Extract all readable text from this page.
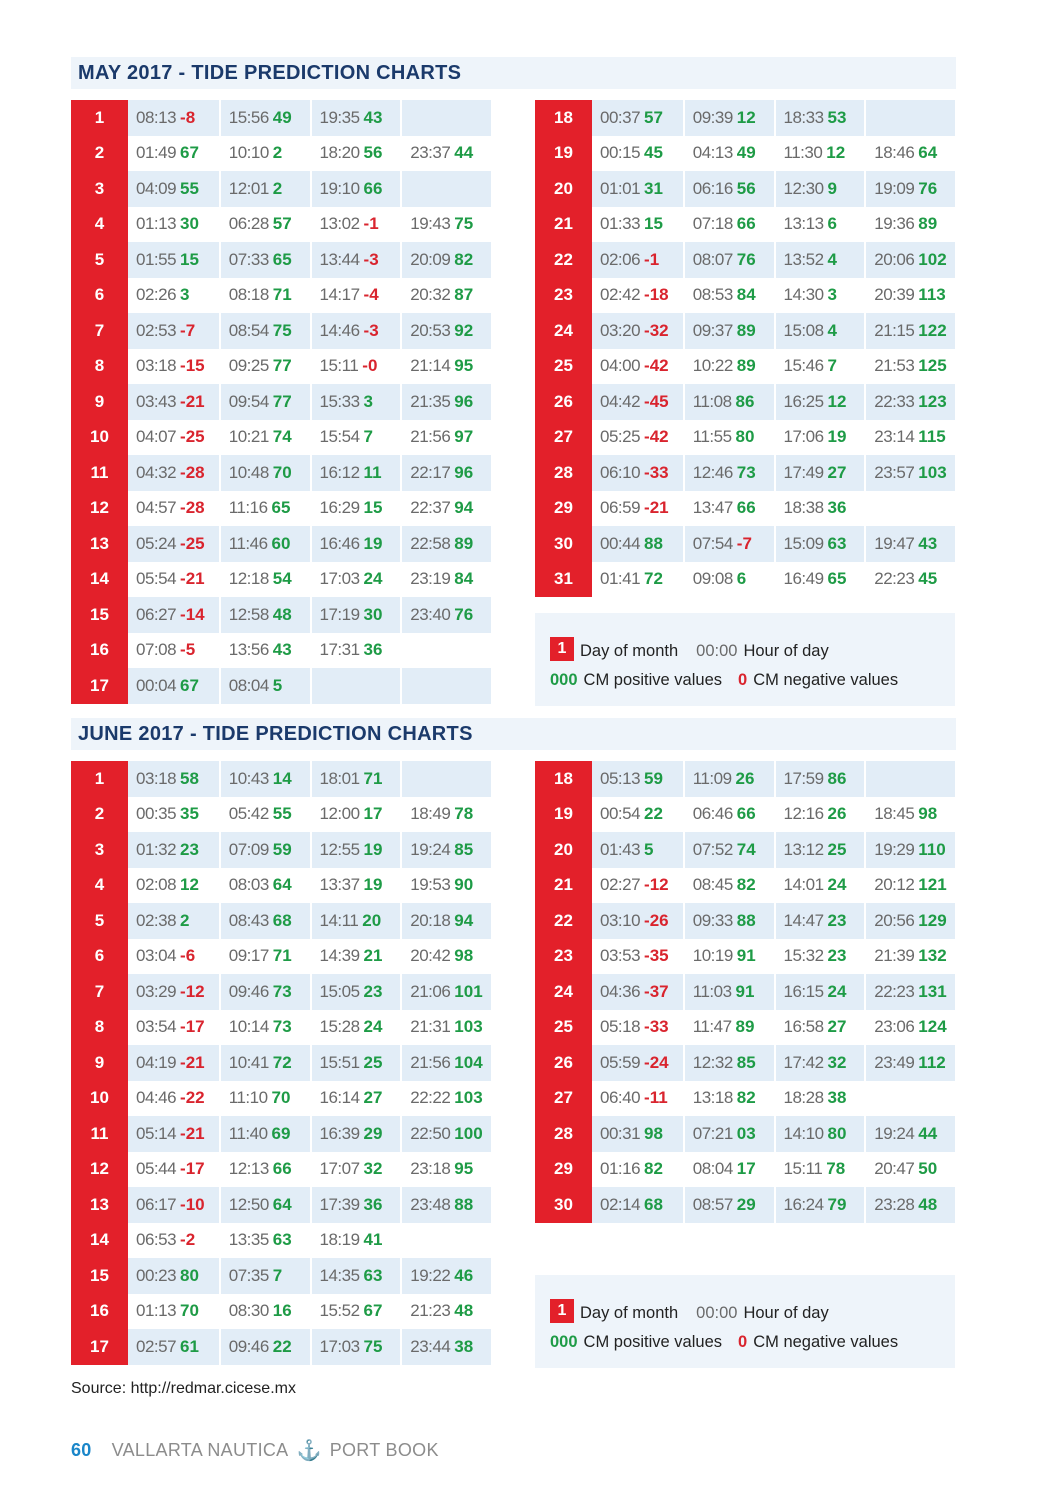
MAY 2017 - TIDE PREDICTION CHARTS
1	08:13 -8 15:56 49 19:35 43
2	01:49 67 10:10 2 18:20 56 23:37 44
3	04:09 55 12:01 2 19:10 66
4	01:13 30 06:28 57 13:02 -1 19:43 75
5	01:55 15 07:33 65 13:44 -3 20:09 82
6	02:26 3 08:18 71 14:17 -4 20:32 87
7	02:53 -7 08:54 75 14:46 -3 20:53 92
8	03:18 -15 09:25 77 15:11 -0 21:14 95
9	03:43 -21 09:54 77 15:33 3 21:35 96
10	04:07 -25 10:21 74 15:54 7 21:56 97
11	04:32 -28 10:48 70 16:12 11 22:17 96
12	04:57 -28 11:16 65 16:29 15 22:37 94
13	05:24 -25 11:46 60 16:46 19 22:58 89
14	05:54 -21 12:18 54 17:03 24 23:19 84
15	06:27 -14 12:58 48 17:19 30 23:40 76
16	07:08 -5 13:56 43 17:31 36
17	00:04 67 08:04 5
18	00:37 57 09:39 12 18:33 53
19	00:15 45 04:13 49 11:30 12 18:46 64
20	01:01 31 06:16 56 12:30 9 19:09 76
21	01:33 15 07:18 66 13:13 6 19:36 89
22	02:06 -1 08:07 76 13:52 4 20:06 102
23	02:42 -18 08:53 84 14:30 3 20:39 113
24	03:20 -32 09:37 89 15:08 4 21:15 122
25	04:00 -42 10:22 89 15:46 7 21:53 125
26	04:42 -45 11:08 86 16:25 12 22:33 123
27	05:25 -42 11:55 80 17:06 19 23:14 115
28	06:10 -33 12:46 73 17:49 27 23:57 103
29	06:59 -21 13:47 66 18:38 36
30	00:44 88 07:54 -7 15:09 63 19:47 43
31	01:41 72 09:08 6 16:49 65 22:23 45
1 Day of month 00:00 Hour of day
000 CM positive values 0 CM negative values
JUNE 2017 - TIDE PREDICTION CHARTS
1	03:18 58 10:43 14 18:01 71
2	00:35 35 05:42 55 12:00 17 18:49 78
3	01:32 23 07:09 59 12:55 19 19:24 85
4	02:08 12 08:03 64 13:37 19 19:53 90
5	02:38 2 08:43 68 14:11 20 20:18 94
6	03:04 -6 09:17 71 14:39 21 20:42 98
7	03:29 -12 09:46 73 15:05 23 21:06 101
8	03:54 -17 10:14 73 15:28 24 21:31 103
9	04:19 -21 10:41 72 15:51 25 21:56 104
10	04:46 -22 11:10 70 16:14 27 22:22 103
11	05:14 -21 11:40 69 16:39 29 22:50 100
12	05:44 -17 12:13 66 17:07 32 23:18 95
13	06:17 -10 12:50 64 17:39 36 23:48 88
14	06:53 -2 13:35 63 18:19 41
15	00:23 80 07:35 7 14:35 63 19:22 46
16	01:13 70 08:30 16 15:52 67 21:23 48
17	02:57 61 09:46 22 17:03 75 23:44 38
18	05:13 59 11:09 26 17:59 86
19	00:54 22 06:46 66 12:16 26 18:45 98
20	01:43 5 07:52 74 13:12 25 19:29 110
21	02:27 -12 08:45 82 14:01 24 20:12 121
22	03:10 -26 09:33 88 14:47 23 20:56 129
23	03:53 -35 10:19 91 15:32 23 21:39 132
24	04:36 -37 11:03 91 16:15 24 22:23 131
25	05:18 -33 11:47 89 16:58 27 23:06 124
26	05:59 -24 12:32 85 17:42 32 23:49 112
27	06:40 -11 13:18 82 18:28 38
28	00:31 98 07:21 03 14:10 80 19:24 44
29	01:16 82 08:04 17 15:11 78 20:47 50
30	02:14 68 08:57 29 16:24 79 23:28 48
1 Day of month 00:00 Hour of day
000 CM positive values 0 CM negative values
Source: http://redmar.cicese.mx
60 VALLARTA NAUTICA ⚓ PORT BOOK
